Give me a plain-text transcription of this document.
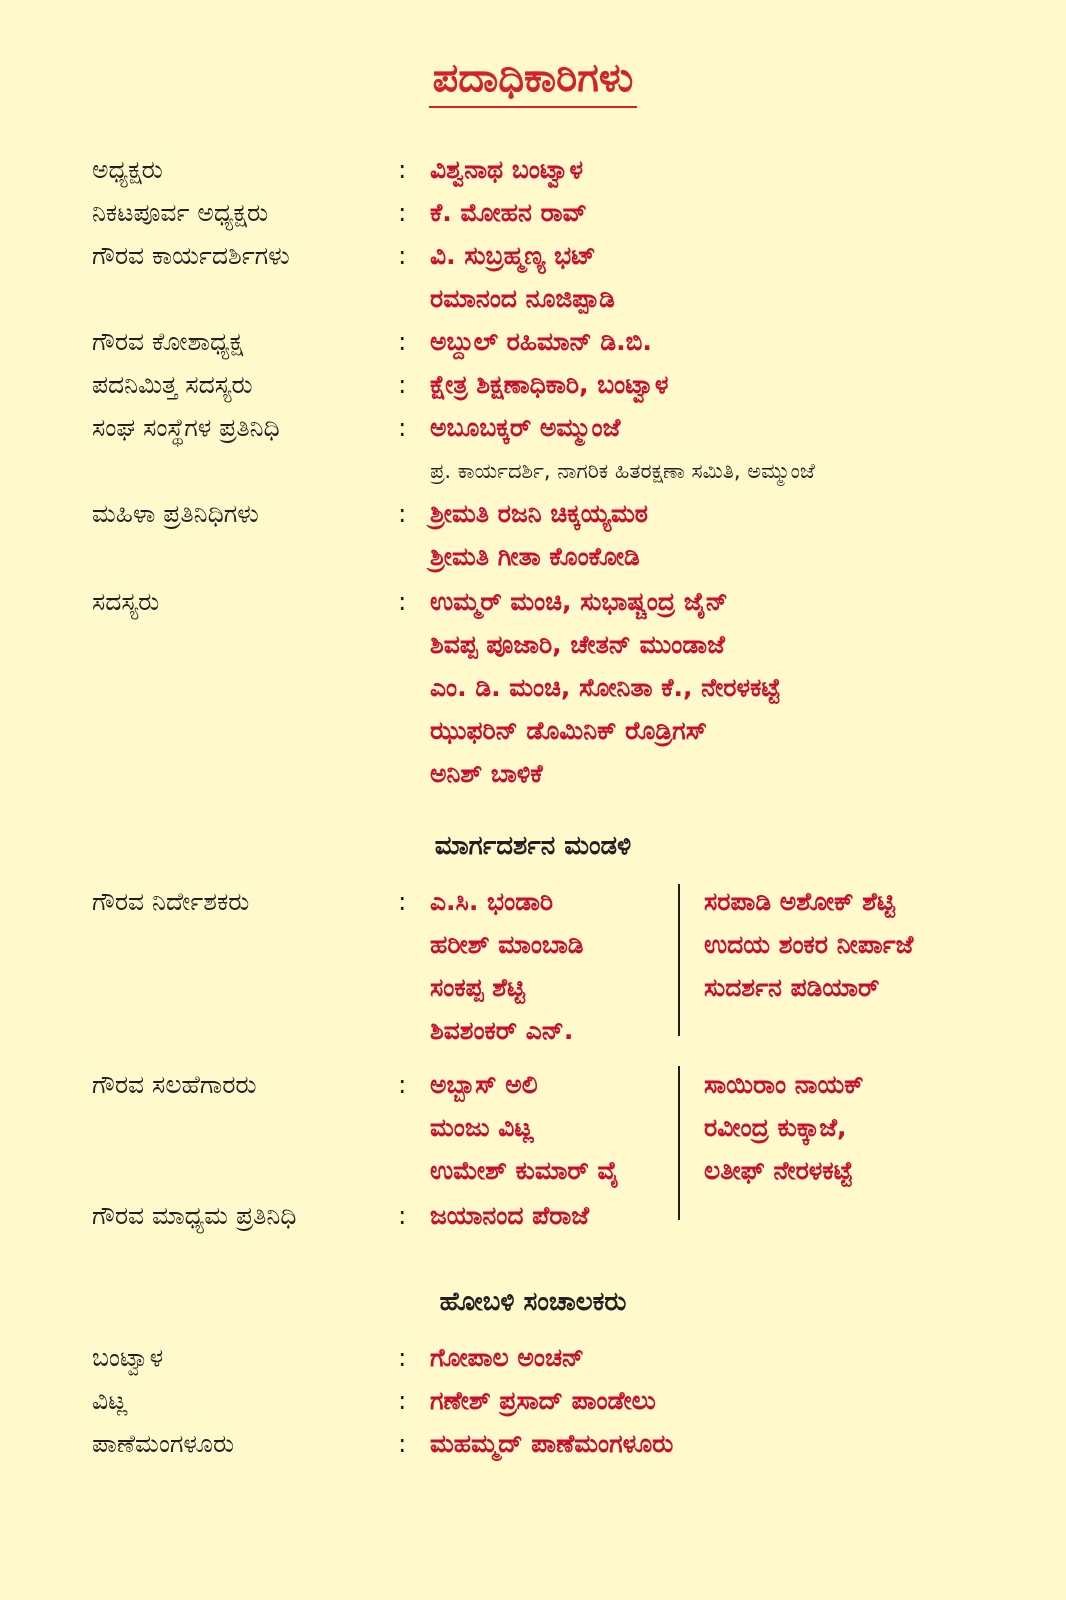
ಪದಾಧಿಕಾರಿಗಳು
ಅಧ್ಯಕ್ಷರು	: ವಿಶ್ವನಾಥ ಬಂಟ್ವಾಳ
ನಿಕಟಪೂರ್ವ ಅಧ್ಯಕ್ಷರು	: ಕೆ. ಮೋಹನ ರಾವ್
ಗೌರವ ಕಾರ್ಯದರ್ಶಿಗಳು	: ವಿ. ಸುಬ್ರಹ್ಮಣ್ಯ ಭಟ್
ರಮಾನಂದ ನೂಜಿಪ್ಪಾಡಿ
ಗೌರವ ಕೋಶಾಧ್ಯಕ್ಷ	: ಅಬ್ದುಲ್ ರಹಿಮಾನ್ ಡಿ.ಬಿ.
ಪದನಿಮಿತ್ತ ಸದಸ್ಯರು	: ಕ್ಷೇತ್ರ ಶಿಕ್ಷಣಾಧಿಕಾರಿ, ಬಂಟ್ವಾಳ
ಸಂಘ ಸಂಸ್ಥೆಗಳ ಪ್ರತಿನಿಧಿ	: ಅಬೂಬಕ್ಕರ್ ಅಮ್ಮುಂಜೆ
ಪ್ರ. ಕಾರ್ಯದರ್ಶಿ, ನಾಗರಿಕ ಹಿತರಕ್ಷಣಾ ಸಮಿತಿ, ಅಮ್ಮುಂಜೆ
ಮಹಿಳಾ ಪ್ರತಿನಿಧಿಗಳು	: ಶ್ರೀಮತಿ ರಜನಿ ಚಿಕ್ಕಯ್ಯಮಠ
ಶ್ರೀಮತಿ ಗೀತಾ ಕೊಂಕೋಡಿ
ಸದಸ್ಯರು	: ಉಮ್ಮರ್ ಮಂಚಿ, ಸುಭಾಷ್ಚಂದ್ರ ಜೈನ್
ಶಿವಪ್ಪ ಪೂಜಾರಿ, ಚೇತನ್ ಮುಂಡಾಜೆ
ಎಂ. ಡಿ. ಮಂಚಿ, ಸೋನಿತಾ ಕೆ., ನೇರಳಕಟ್ಟೆ
ಝುಫರಿನ್ ಡೊಮಿನಿಕ್ ರೊಡ್ರಿಗಸ್
ಅನಿಶ್ ಬಾಳಿಕೆ
ಮಾರ್ಗದರ್ಶನ ಮಂಡಳಿ
ಗೌರವ ನಿರ್ದೇಶಕರು	: ಎ.ಸಿ. ಭಂಡಾರಿ	ಸರಪಾಡಿ ಅಶೋಕ್ ಶೆಟ್ಟಿ
ಹರೀಶ್ ಮಾಂಬಾಡಿ	ಉದಯ ಶಂಕರ ನೀರ್ಪಾಜೆ
ಸಂಕಪ್ಪ ಶೆಟ್ಟಿ	ಸುದರ್ಶನ ಪಡಿಯಾರ್
ಶಿವಶಂಕರ್ ಎನ್.
ಗೌರವ ಸಲಹೆಗಾರರು	: ಅಬ್ಬಾಸ್ ಅಲಿ	ಸಾಯಿರಾಂ ನಾಯಕ್
ಮಂಜು ವಿಟ್ಲ	ರವೀಂದ್ರ ಕುಕ್ಕಾಜೆ,
ಉಮೇಶ್ ಕುಮಾರ್ ವೈ	ಲತೀಫ್ ನೇರಳಕಟ್ಟೆ
ಗೌರವ ಮಾಧ್ಯಮ ಪ್ರತಿನಿಧಿ	: ಜಯಾನಂದ ಪೆರಾಜೆ
ಹೋಬಳಿ ಸಂಚಾಲಕರು
ಬಂಟ್ವಾಳ	: ಗೋಪಾಲ ಅಂಚನ್
ವಿಟ್ಲ	: ಗಣೇಶ್ ಪ್ರಸಾದ್ ಪಾಂಡೇಲು
ಪಾಣೆಮಂಗಳೂರು	: ಮಹಮ್ಮದ್ ಪಾಣೆಮಂಗಳೂರು
